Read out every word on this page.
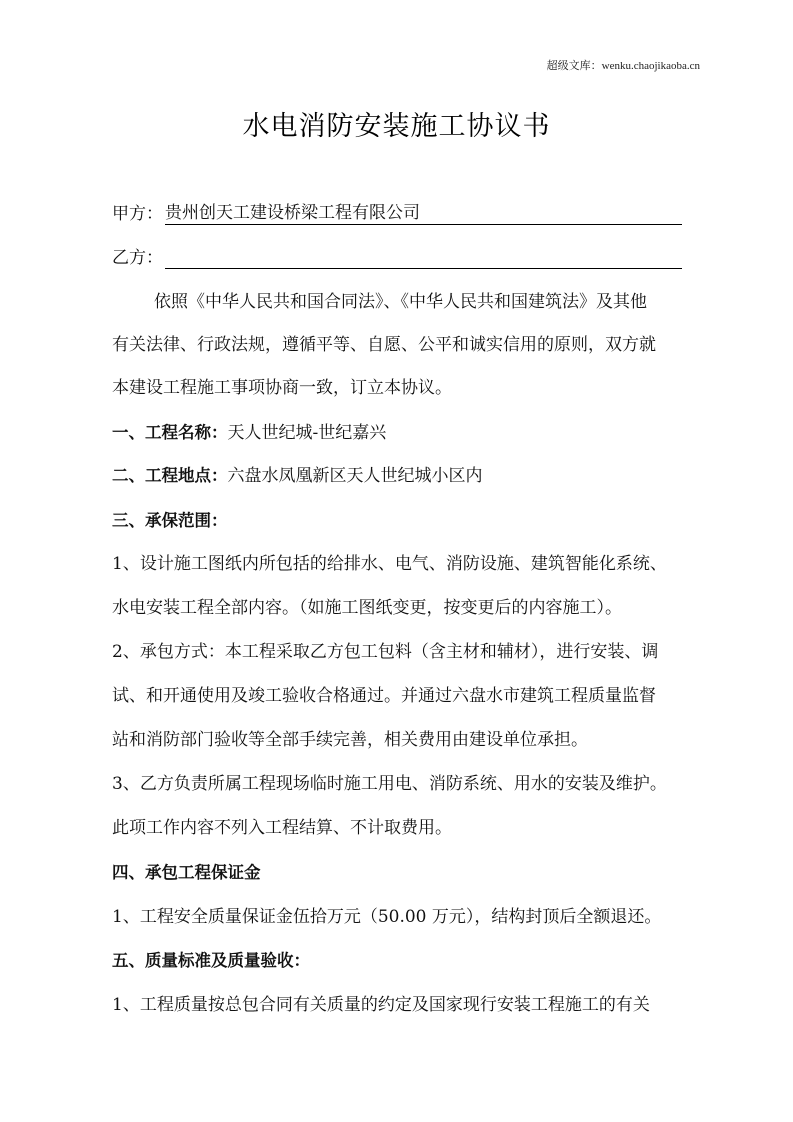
超级文库：wenku.chaojikaoba.cn
水电消防安装施工协议书
甲方： 贵州创天工建设桥梁工程有限公司
乙方：
依照《中华人民共和国合同法》、《中华人民共和国建筑法》及其他
有关法律、行政法规，遵循平等、自愿、公平和诚实信用的原则，双方就
本建设工程施工事项协商一致，订立本协议。
一、工程名称：天人世纪城-世纪嘉兴
二、工程地点：六盘水凤凰新区天人世纪城小区内
三、承保范围：
1、设计施工图纸内所包括的给排水、电气、消防设施、建筑智能化系统、
水电安装工程全部内容。（如施工图纸变更，按变更后的内容施工）。
2、承包方式：本工程采取乙方包工包料（含主材和辅材），进行安装、调
试、和开通使用及竣工验收合格通过。并通过六盘水市建筑工程质量监督
站和消防部门验收等全部手续完善，相关费用由建设单位承担。
3、乙方负责所属工程现场临时施工用电、消防系统、用水的安装及维护。
此项工作内容不列入工程结算、不计取费用。
四、承包工程保证金
1、工程安全质量保证金伍拾万元（50.00 万元），结构封顶后全额退还。
五、质量标准及质量验收：
1、工程质量按总包合同有关质量的约定及国家现行安装工程施工的有关
